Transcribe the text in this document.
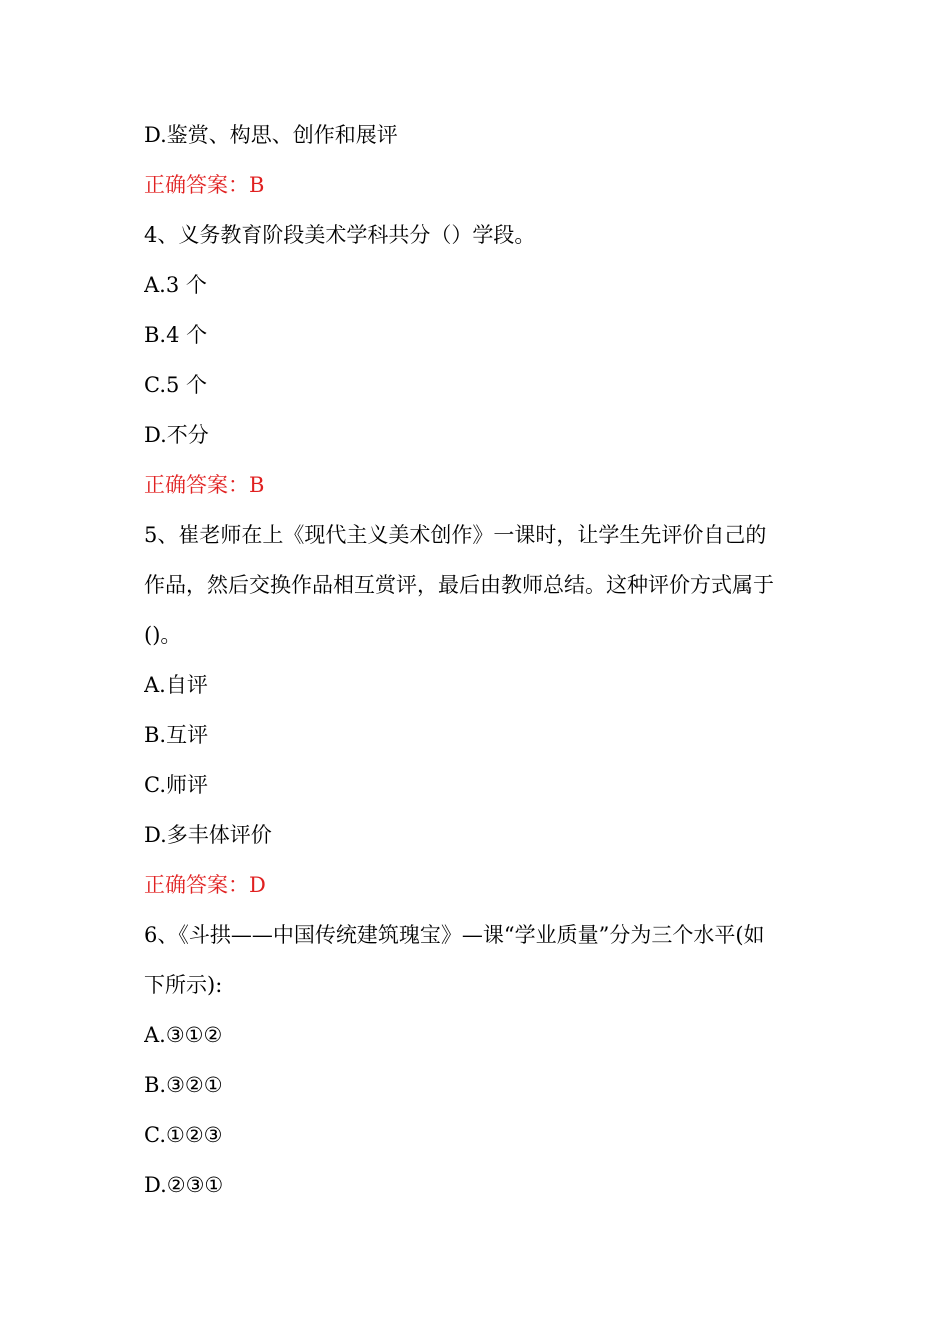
D.鉴赏、构思、创作和展评
正确答案：B
4、义务教育阶段美术学科共分（）学段。
A.3 个
B.4 个
C.5 个
D.不分
正确答案：B
5、崔老师在上《现代主义美术创作》一课时，让学生先评价自己的
作品，然后交换作品相互赏评，最后由教师总结。这种评价方式属于
()。
A.自评
B.互评
C.师评
D.多丰体评价
正确答案：D
6、《斗拱——中国传统建筑瑰宝》—课“学业质量”分为三个水平(如
下所示):
A.③①②
B.③②①
C.①②③
D.②③①
